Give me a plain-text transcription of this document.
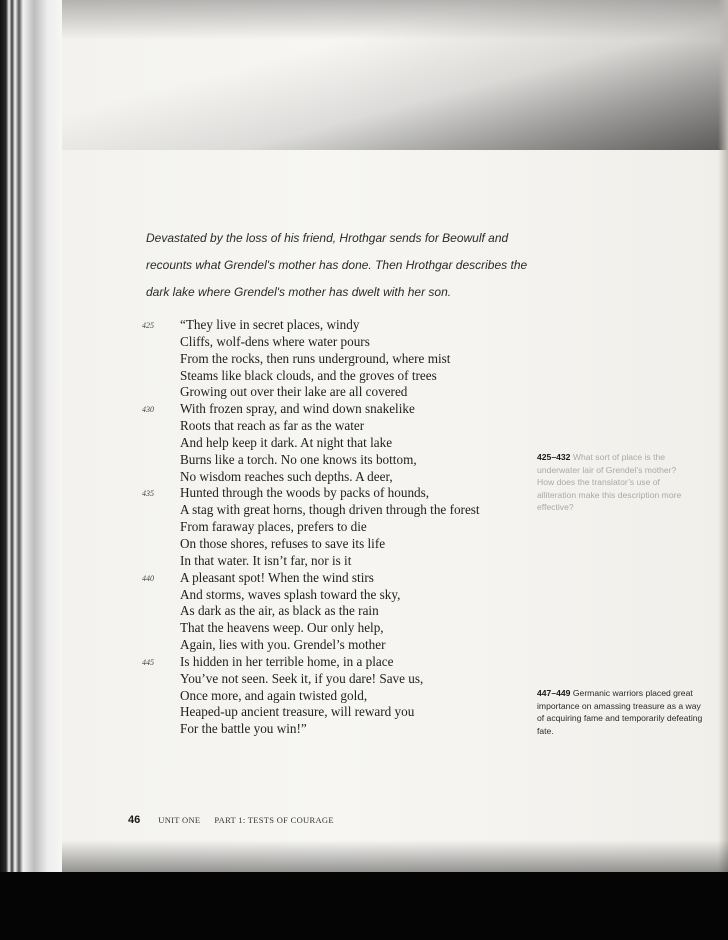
Devastated by the loss of his friend, Hrothgar sends for Beowulf and
recounts what Grendel's mother has done. Then Hrothgar describes the
dark lake where Grendel's mother has dwelt with her son.
425 “They live in secret places, windy
Cliffs, wolf-dens where water pours
From the rocks, then runs underground, where mist
Steams like black clouds, and the groves of trees
Growing out over their lake are all covered
430 With frozen spray, and wind down snakelike
Roots that reach as far as the water
And help keep it dark. At night that lake
Burns like a torch. No one knows its bottom,
No wisdom reaches such depths. A deer,
435 Hunted through the woods by packs of hounds,
A stag with great horns, though driven through the forest
From faraway places, prefers to die
On those shores, refuses to save its life
In that water. It isn’t far, nor is it
440 A pleasant spot! When the wind stirs
And storms, waves splash toward the sky,
As dark as the air, as black as the rain
That the heavens weep. Our only help,
Again, lies with you. Grendel’s mother
445 Is hidden in her terrible home, in a place
You’ve not seen. Seek it, if you dare! Save us,
Once more, and again twisted gold,
Heaped-up ancient treasure, will reward you
For the battle you win!”
425–432 What sort of place is the underwater lair of Grendel’s mother? How does the translator’s use of alliteration make this description more effective?
447–449 Germanic warriors placed great importance on amassing treasure as a way of acquiring fame and temporarily defeating fate.
46 UNIT ONE PART 1: TESTS OF COURAGE
